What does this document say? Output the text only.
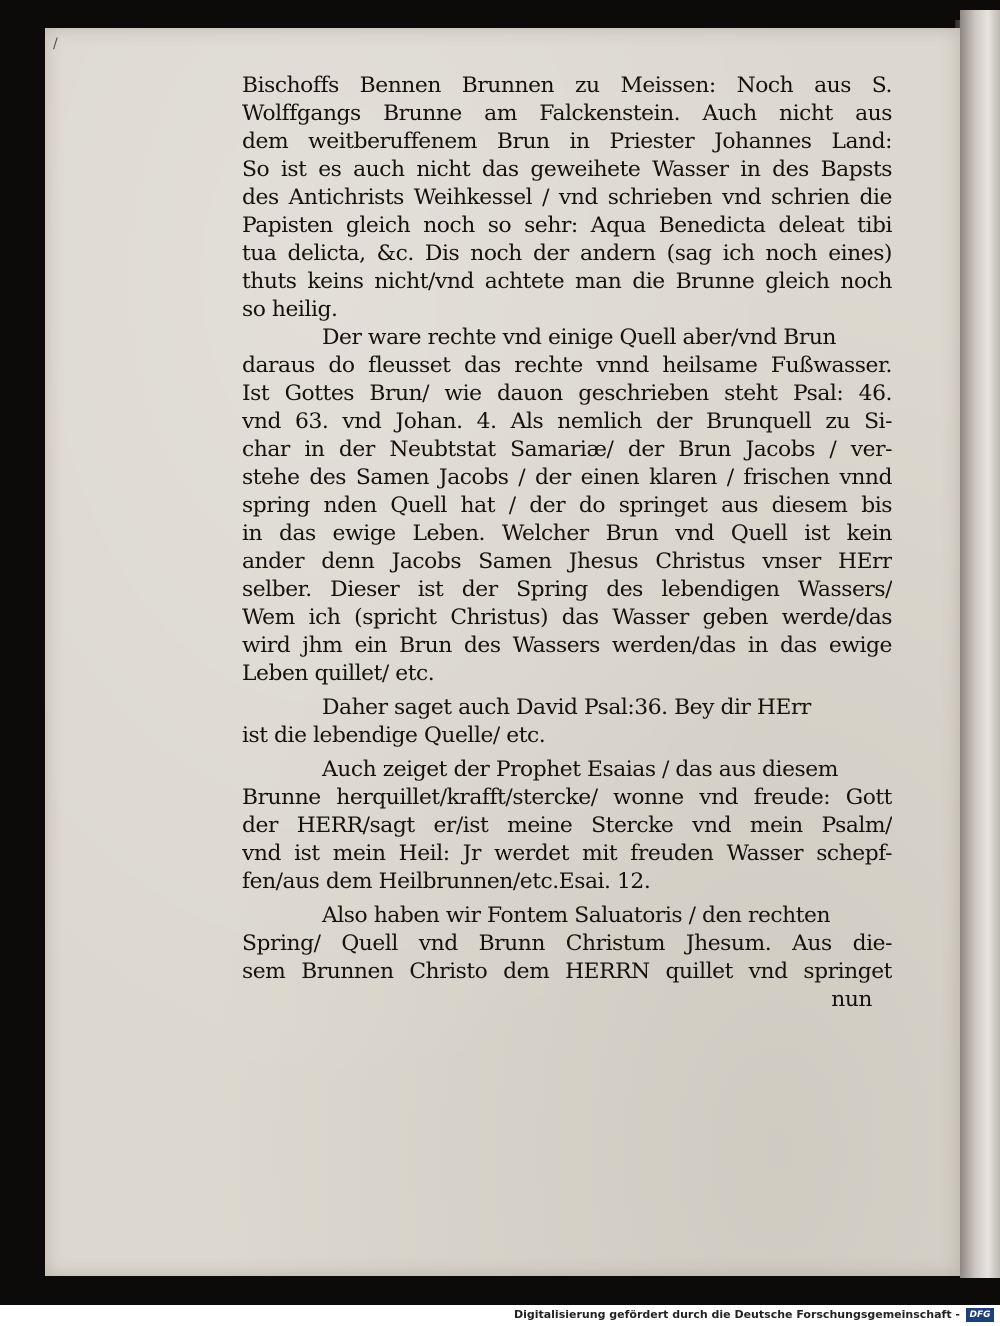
/
Bischoffs Bennen Brunnen zu Meissen: Noch aus S.
Wolffgangs Brunne am Falckenstein. Auch nicht aus
dem weitberuffenem Brun in Priester Johannes Land:
So ist es auch nicht das geweihete Wasser in des Bapsts
des Antichrists Weihkessel / vnd schrieben vnd schrien die
Papisten gleich noch so sehr: Aqua Benedicta deleat tibi
tua delicta, &c. Dis noch der andern (sag ich noch eines)
thuts keins nicht/vnd achtete man die Brunne gleich noch
so heilig.
Der ware rechte vnd einige Quell aber/vnd Brun
daraus do fleusset das rechte vnnd heilsame Fußwasser.
Ist Gottes Brun/ wie dauon geschrieben steht Psal: 46.
vnd 63. vnd Johan. 4. Als nemlich der Brunquell zu Si-
char in der Neubtstat Samariæ/ der Brun Jacobs / ver-
stehe des Samen Jacobs / der einen klaren / frischen vnnd
spring nden Quell hat / der do springet aus diesem bis
in das ewige Leben. Welcher Brun vnd Quell ist kein
ander denn Jacobs Samen Jhesus Christus vnser HErr
selber. Dieser ist der Spring des lebendigen Wassers/
Wem ich (spricht Christus) das Wasser geben werde/das
wird jhm ein Brun des Wassers werden/das in das ewige
Leben quillet/ etc.
Daher saget auch David Psal:36. Bey dir HErr
ist die lebendige Quelle/ etc.
Auch zeiget der Prophet Esaias / das aus diesem
Brunne herquillet/krafft/stercke/ wonne vnd freude: Gott
der HERR/sagt er/ist meine Stercke vnd mein Psalm/
vnd ist mein Heil: Jr werdet mit freuden Wasser schepf-
fen/aus dem Heilbrunnen/etc.Esai. 12.
Also haben wir Fontem Saluatoris / den rechten
Spring/ Quell vnd Brunn Christum Jhesum. Aus die-
sem Brunnen Christo dem HERRN quillet vnd springet
nun
Digitalisierung gefördert durch die Deutsche Forschungsgemeinschaft -	DFG
